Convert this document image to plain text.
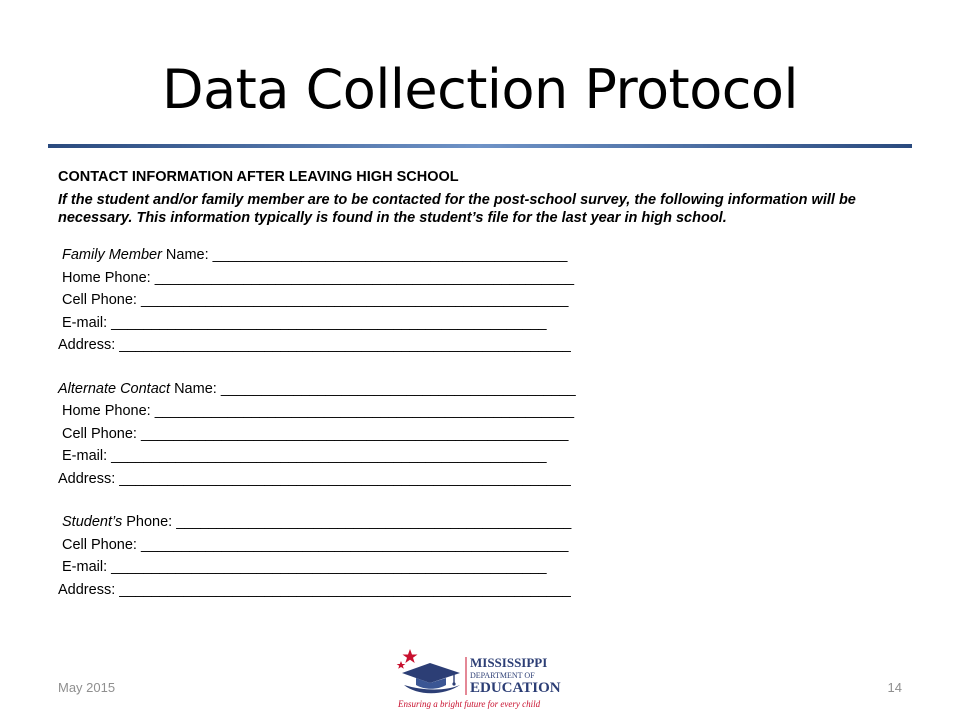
Data Collection Protocol
CONTACT INFORMATION AFTER LEAVING HIGH SCHOOL
If the student and/or family member are to be contacted for the post-school survey, the following information will be necessary. This information typically is found in the student’s file for the last year in high school.
Family Member Name: ____________________________________________
Home Phone: ____________________________________________________
Cell Phone: _____________________________________________________
E-mail: ______________________________________________________
Address: ________________________________________________________
Alternate Contact Name: ____________________________________________
Home Phone: ____________________________________________________
Cell Phone: _____________________________________________________
E-mail: ______________________________________________________
Address: ________________________________________________________
Student’s Phone: _________________________________________________
Cell Phone: _____________________________________________________
E-mail: ______________________________________________________
Address: ________________________________________________________
May 2015	14
MISSISSIPPI
DEPARTMENT OF
EDUCATION
Ensuring a bright future for every child
